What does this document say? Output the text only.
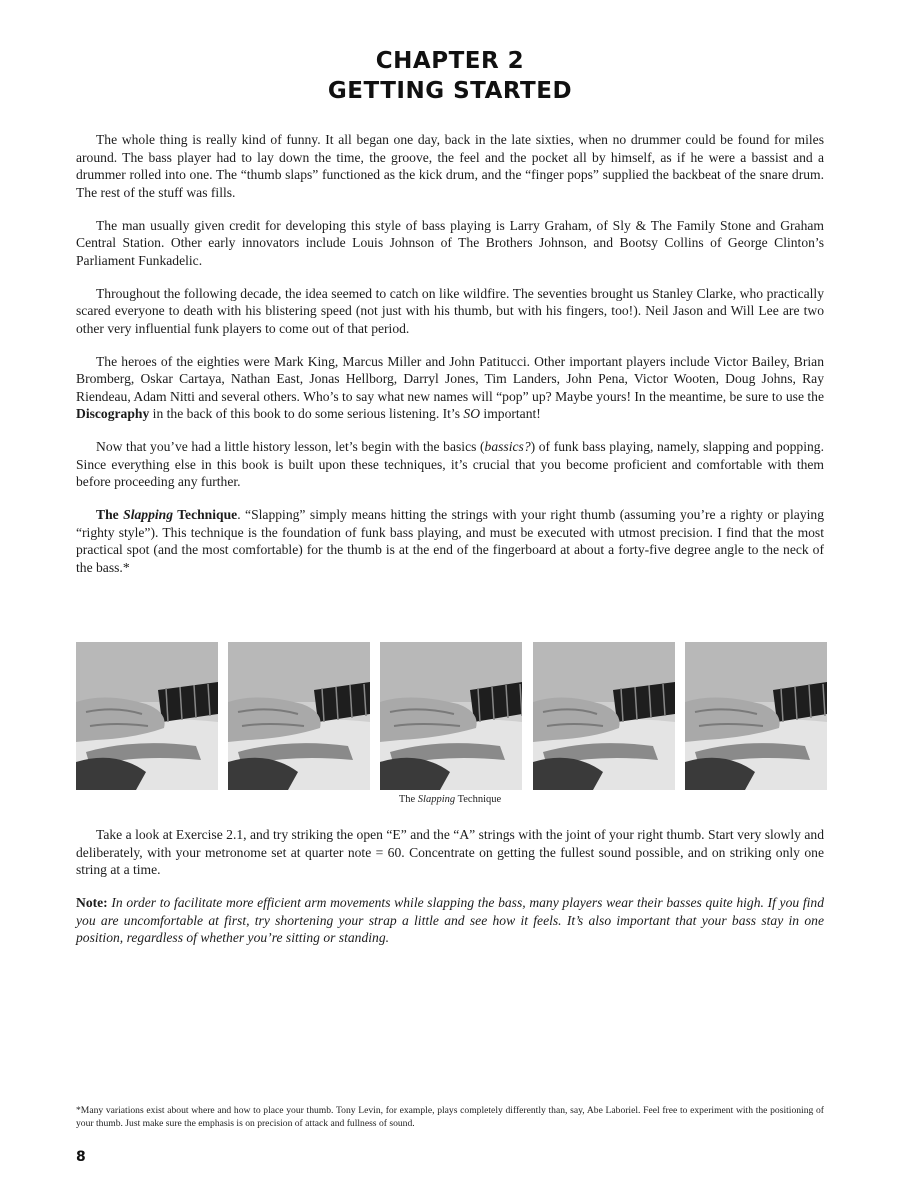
CHAPTER 2
GETTING STARTED

The whole thing is really kind of funny. It all began one day, back in the late sixties, when no drummer could be found for miles around. The bass player had to lay down the time, the groove, the feel and the pocket all by himself, as if he were a bassist and a drummer rolled into one. The “thumb slaps” functioned as the kick drum, and the “finger pops” supplied the backbeat of the snare drum. The rest of the stuff was fills.

The man usually given credit for developing this style of bass playing is Larry Graham, of Sly & The Family Stone and Graham Central Station. Other early innovators include Louis Johnson of The Brothers Johnson, and Bootsy Collins of George Clinton’s Parliament Funkadelic.

Throughout the following decade, the idea seemed to catch on like wildfire. The seventies brought us Stanley Clarke, who practically scared everyone to death with his blistering speed (not just with his thumb, but with his fingers, too!). Neil Jason and Will Lee are two other very influential funk players to come out of that period.

The heroes of the eighties were Mark King, Marcus Miller and John Patitucci. Other important players include Victor Bailey, Brian Bromberg, Oskar Cartaya, Nathan East, Jonas Hellborg, Darryl Jones, Tim Landers, John Pena, Victor Wooten, Doug Johns, Ray Riendeau, Adam Nitti and several others. Who’s to say what new names will “pop” up? Maybe yours! In the meantime, be sure to use the Discography in the back of this book to do some serious listening. It’s SO important!

Now that you’ve had a little history lesson, let’s begin with the basics (bassics?) of funk bass playing, namely, slapping and popping. Since everything else in this book is built upon these techniques, it’s crucial that you become proficient and comfortable with them before proceeding any further.

The Slapping Technique. “Slapping” simply means hitting the strings with your right thumb (assuming you’re a righty or playing “righty style”). This technique is the foundation of funk bass playing, and must be executed with utmost precision. I find that the most practical spot (and the most comfortable) for the thumb is at the end of the fingerboard at about a forty-five degree angle to the neck of the bass.*

The Slapping Technique

Take a look at Exercise 2.1, and try striking the open “E” and the “A” strings with the joint of your right thumb. Start very slowly and deliberately, with your metronome set at quarter note = 60. Concentrate on getting the fullest sound possible, and on striking only one string at a time.

Note: In order to facilitate more efficient arm movements while slapping the bass, many players wear their basses quite high. If you find you are uncomfortable at first, try shortening your strap a little and see how it feels. It’s also important that your bass stay in one position, regardless of whether you’re sitting or standing.

*Many variations exist about where and how to place your thumb. Tony Levin, for example, plays completely differently than, say, Abe Laboriel. Feel free to experiment with the positioning of your thumb. Just make sure the emphasis is on precision of attack and fullness of sound.
8
